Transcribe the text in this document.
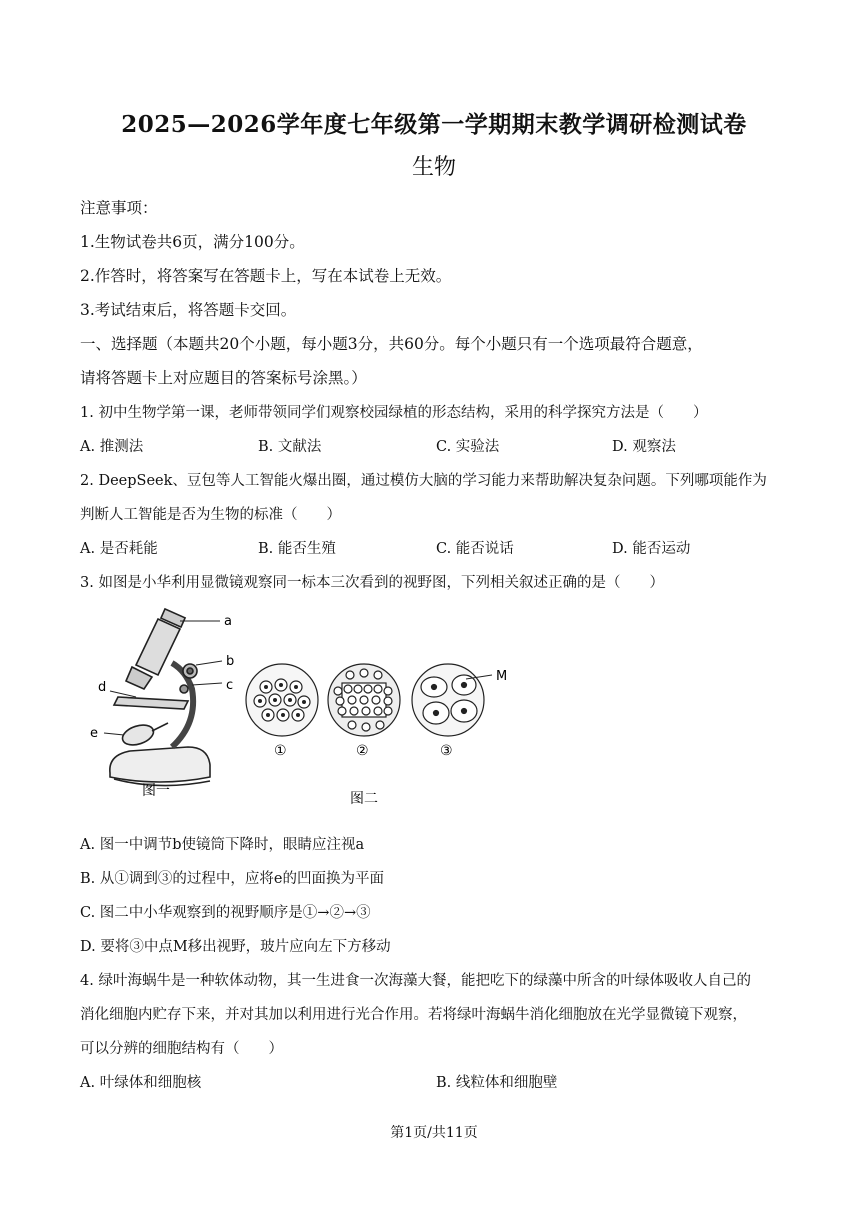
2025—2026学年度七年级第一学期期末教学调研检测试卷
生物
注意事项：
1.生物试卷共6页，满分100分。
2.作答时，将答案写在答题卡上，写在本试卷上无效。
3.考试结束后，将答题卡交回。
一、选择题（本题共20个小题，每小题3分，共60分。每个小题只有一个选项最符合题意，
请将答题卡上对应题目的答案标号涂黑。）
1. 初中生物学第一课，老师带领同学们观察校园绿植的形态结构，采用的科学探究方法是（　　）
A. 推测法	B. 文献法	C. 实验法	D. 观察法
2. DeepSeek、豆包等人工智能火爆出圈，通过模仿大脑的学习能力来帮助解决复杂问题。下列哪项能作为
判断人工智能是否为生物的标准（　　）
A. 是否耗能	B. 能否生殖	C. 能否说话	D. 能否运动
3. 如图是小华利用显微镜观察同一标本三次看到的视野图，下列相关叙述正确的是（　　）
a
b
c
d
e
图一
①	②
M
③
图二
A. 图一中调节b使镜筒下降时，眼睛应注视a
B. 从①调到③的过程中，应将e的凹面换为平面
C. 图二中小华观察到的视野顺序是①→②→③
D. 要将③中点M移出视野，玻片应向左下方移动
4. 绿叶海蜗牛是一种软体动物，其一生进食一次海藻大餐，能把吃下的绿藻中所含的叶绿体吸收人自己的
消化细胞内贮存下来，并对其加以利用进行光合作用。若将绿叶海蜗牛消化细胞放在光学显微镜下观察，
可以分辨的细胞结构有（　　）
A. 叶绿体和细胞核	B. 线粒体和细胞壁
第1页/共11页
